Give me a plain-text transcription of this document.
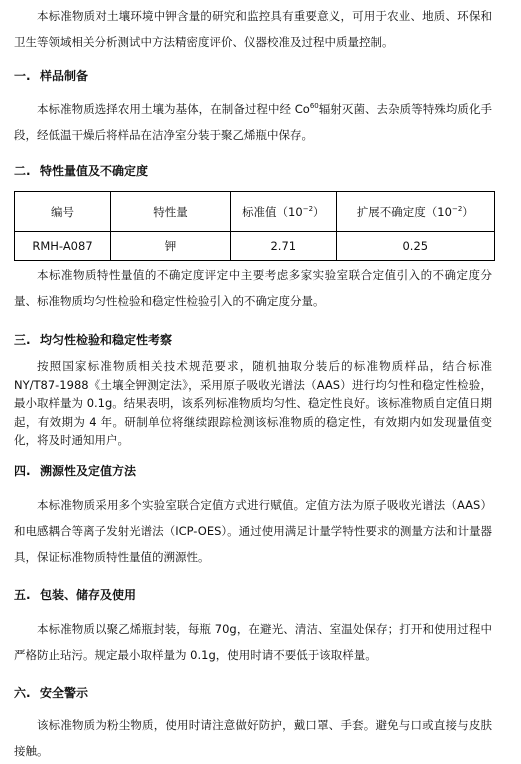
本标准物质对土壤环境中钾含量的研究和监控具有重要意义，可用于农业、地质、环保和卫生等领域相关分析测试中方法精密度评价、仪器校准及过程中质量控制。

一. 样品制备

本标准物质选择农用土壤为基体，在制备过程中经 Co$^{60}$辐射灭菌、去杂质等特殊均质化手段，经低温干燥后将样品在洁净室分装于聚乙烯瓶中保存。

二. 特性量值及不确定度
编号	特性量	标准值$(10^{-2})$	扩展不确定度$(10^{-2})$
RMH-A087	钾	2.71	0.25

本标准物质特性量值的不确定度评定中主要考虑多家实验室联合定值引入的不确定度分量、标准物质均匀性检验和稳定性检验引入的不确定度分量。

三. 均匀性检验和稳定性考察

按照国家标准物质相关技术规范要求，随机抽取分装后的标准物质样品，结合标准NY/T87-1988《土壤全钾测定法》，采用原子吸收光谱法（AAS）进行均匀性和稳定性检验，最小取样量为 0.1g。结果表明，该系列标准物质均匀性、稳定性良好。该标准物质自定值日期起，有效期为 4 年。研制单位将继续跟踪检测该标准物质的稳定性，有效期内如发现量值变化，将及时通知用户。

四. 溯源性及定值方法

本标准物质采用多个实验室联合定值方式进行赋值。定值方法为原子吸收光谱法（AAS）和电感耦合等离子发射光谱法（ICP-OES）。通过使用满足计量学特性要求的测量方法和计量器具，保证标准物质特性量值的溯源性。

五. 包装、储存及使用

本标准物质以聚乙烯瓶封装，每瓶 70g，在避光、清洁、室温处保存；打开和使用过程中严格防止玷污。规定最小取样量为 0.1g，使用时请不要低于该取样量。

六. 安全警示

该标准物质为粉尘物质，使用时请注意做好防护，戴口罩、手套。避免与口或直接与皮肤接触。
